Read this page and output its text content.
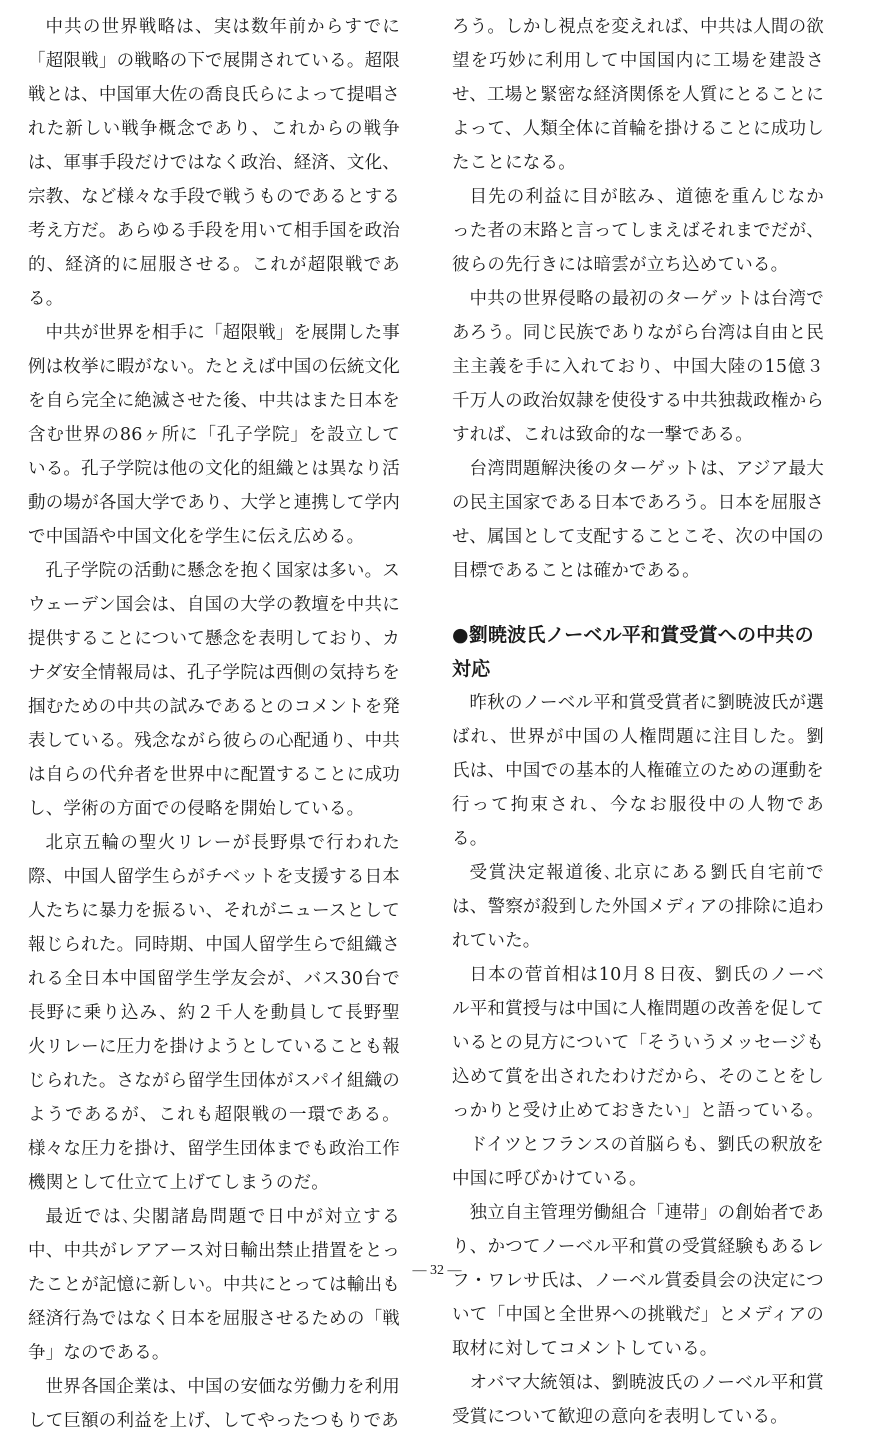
中共の世界戦略は、実は数年前からすでに「超限戦」の戦略の下で展開されている。超限戦とは、中国軍大佐の喬良氏らによって提唱された新しい戦争概念であり、これからの戦争は、軍事手段だけではなく政治、経済、文化、宗教、など様々な手段で戦うものであるとする考え方だ。あらゆる手段を用いて相手国を政治的、経済的に屈服させる。これが超限戦である。

中共が世界を相手に「超限戦」を展開した事例は枚挙に暇がない。たとえば中国の伝統文化を自ら完全に絶滅させた後、中共はまた日本を含む世界の86ヶ所に「孔子学院」を設立している。孔子学院は他の文化的組織とは異なり活動の場が各国大学であり、大学と連携して学内で中国語や中国文化を学生に伝え広める。

孔子学院の活動に懸念を抱く国家は多い。スウェーデン国会は、自国の大学の教壇を中共に提供することについて懸念を表明しており、カナダ安全情報局は、孔子学院は西側の気持ちを掴むための中共の試みであるとのコメントを発表している。残念ながら彼らの心配通り、中共は自らの代弁者を世界中に配置することに成功し、学術の方面での侵略を開始している。

北京五輪の聖火リレーが長野県で行われた際、中国人留学生らがチベットを支援する日本人たちに暴力を振るい、それがニュースとして報じられた。同時期、中国人留学生らで組織される全日本中国留学生学友会が、バス30台で長野に乗り込み、約２千人を動員して長野聖火リレーに圧力を掛けようとしていることも報じられた。さながら留学生団体がスパイ組織のようであるが、これも超限戦の一環である。様々な圧力を掛け、留学生団体までも政治工作機関として仕立て上げてしまうのだ。

最近では､尖閣諸島問題で日中が対立する中、中共がレアアース対日輸出禁止措置をとったことが記憶に新しい。中共にとっては輸出も経済行為ではなく日本を屈服させるための「戦争」なのである。

世界各国企業は、中国の安価な労働力を利用して巨額の利益を上げ、してやったつもりであ

ろう。しかし視点を変えれば、中共は人間の欲望を巧妙に利用して中国国内に工場を建設させ、工場と緊密な経済関係を人質にとることによって、人類全体に首輪を掛けることに成功したことになる。

目先の利益に目が眩み、道徳を重んじなかった者の末路と言ってしまえばそれまでだが、彼らの先行きには暗雲が立ち込めている。

中共の世界侵略の最初のターゲットは台湾であろう。同じ民族でありながら台湾は自由と民主主義を手に入れており、中国大陸の15億３千万人の政治奴隷を使役する中共独裁政権からすれば、これは致命的な一撃である。

台湾問題解決後のターゲットは、アジア最大の民主国家である日本であろう。日本を屈服させ、属国として支配することこそ、次の中国の目標であることは確かである。

●劉暁波氏ノーベル平和賞受賞への中共の対応

昨秋のノーベル平和賞受賞者に劉暁波氏が選ばれ、世界が中国の人権問題に注目した。劉氏は、中国での基本的人権確立のための運動を行って拘束され、今なお服役中の人物である。

受賞決定報道後､北京にある劉氏自宅前では、警察が殺到した外国メディアの排除に追われていた。

日本の菅首相は10月８日夜、劉氏のノーベル平和賞授与は中国に人権問題の改善を促しているとの見方について「そういうメッセージも込めて賞を出されたわけだから、そのことをしっかりと受け止めておきたい」と語っている。

ドイツとフランスの首脳らも、劉氏の釈放を中国に呼びかけている。

独立自主管理労働組合「連帯」の創始者であり、かつてノーベル平和賞の受賞経験もあるレフ・ワレサ氏は、ノーベル賞委員会の決定について「中国と全世界への挑戦だ」とメディアの取材に対してコメントしている。

オバマ大統領は、劉暁波氏のノーベル平和賞受賞について歓迎の意向を表明している。

— 32 —
